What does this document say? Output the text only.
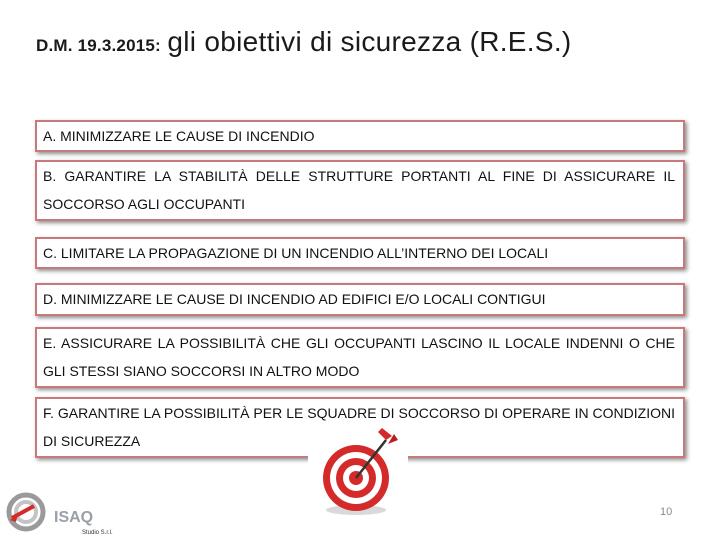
D.M. 19.3.2015: gli obiettivi di sicurezza (R.E.S.)
A. MINIMIZZARE LE CAUSE DI INCENDIO
B. GARANTIRE LA STABILITÀ DELLE STRUTTURE PORTANTI AL FINE DI ASSICURARE IL SOCCORSO AGLI OCCUPANTI
C. LIMITARE LA PROPAGAZIONE DI UN INCENDIO ALL’INTERNO DEI LOCALI
D. MINIMIZZARE LE CAUSE DI INCENDIO AD EDIFICI E/O LOCALI CONTIGUI
E. ASSICURARE LA POSSIBILITÀ CHE GLI OCCUPANTI LASCINO IL LOCALE INDENNI O CHE GLI STESSI SIANO SOCCORSI IN ALTRO MODO
F. GARANTIRE LA POSSIBILITÀ PER LE SQUADRE DI SOCCORSO DI OPERARE IN CONDIZIONI DI SICUREZZA
ISAQ
Studio S.r.l.
10
